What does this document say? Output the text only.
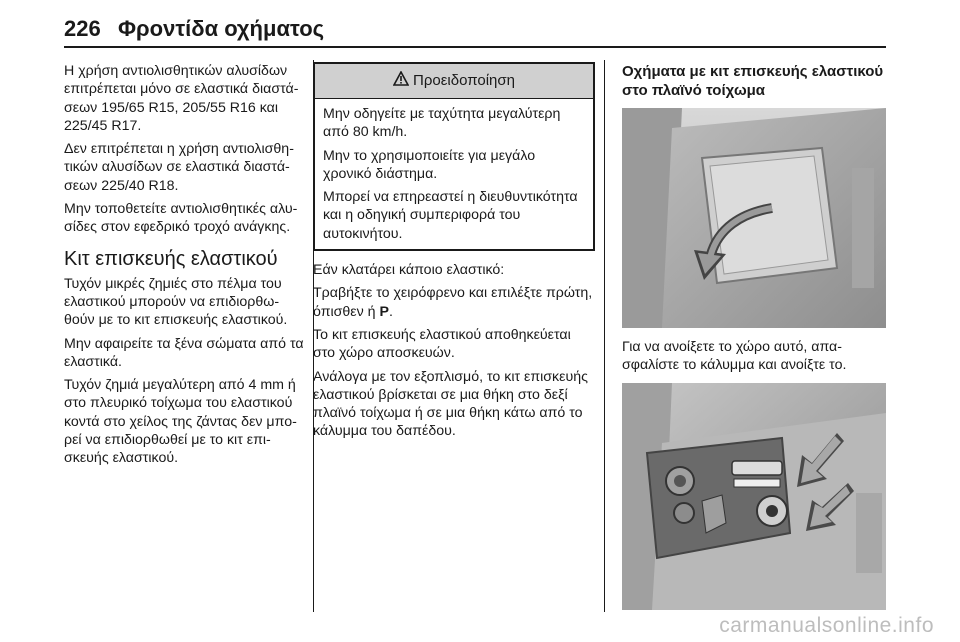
226 Φροντίδα οχήματος

Η χρήση αντιολισθητικών αλυσίδων επιτρέπεται μόνο σε ελαστικά διαστάσεων 195/65 R15, 205/55 R16 και 225/45 R17.

Δεν επιτρέπεται η χρήση αντιολισθητικών αλυσίδων σε ελαστικά διαστάσεων 225/40 R18.

Μην τοποθετείτε αντιολισθητικές αλυσίδες στον εφεδρικό τροχό ανάγκης.

Κιτ επισκευής ελαστικού

Τυχόν μικρές ζημιές στο πέλμα του ελαστικού μπορούν να επιδιορθωθούν με το κιτ επισκευής ελαστικού.

Μην αφαιρείτε τα ξένα σώματα από τα ελαστικά.

Τυχόν ζημιά μεγαλύτερη από 4 mm ή στο πλευρικό τοίχωμα του ελαστικού κοντά στο χείλος της ζάντας δεν μπορεί να επιδιορθωθεί με το κιτ επισκευής ελαστικού.

Προειδοποίηση

Μην οδηγείτε με ταχύτητα μεγαλύτερη από 80 km/h.

Μην το χρησιμοποιείτε για μεγάλο χρονικό διάστημα.

Μπορεί να επηρεαστεί η διευθυντικότητα και η οδηγική συμπεριφορά του αυτοκινήτου.

Εάν κλατάρει κάποιο ελαστικό:

Τραβήξτε το χειρόφρενο και επιλέξτε πρώτη, όπισθεν ή P.

Το κιτ επισκευής ελαστικού αποθηκεύεται στο χώρο αποσκευών.

Ανάλογα με τον εξοπλισμό, το κιτ επισκευής ελαστικού βρίσκεται σε μια θήκη στο δεξί πλαϊνό τοίχωμα ή σε μια θήκη κάτω από το κάλυμμα του δαπέδου.

Οχήματα με κιτ επισκευής ελαστικού στο πλαϊνό τοίχωμα

Για να ανοίξετε το χώρο αυτό, απασφαλίστε το κάλυμμα και ανοίξτε το.

carmanualsonline.info
